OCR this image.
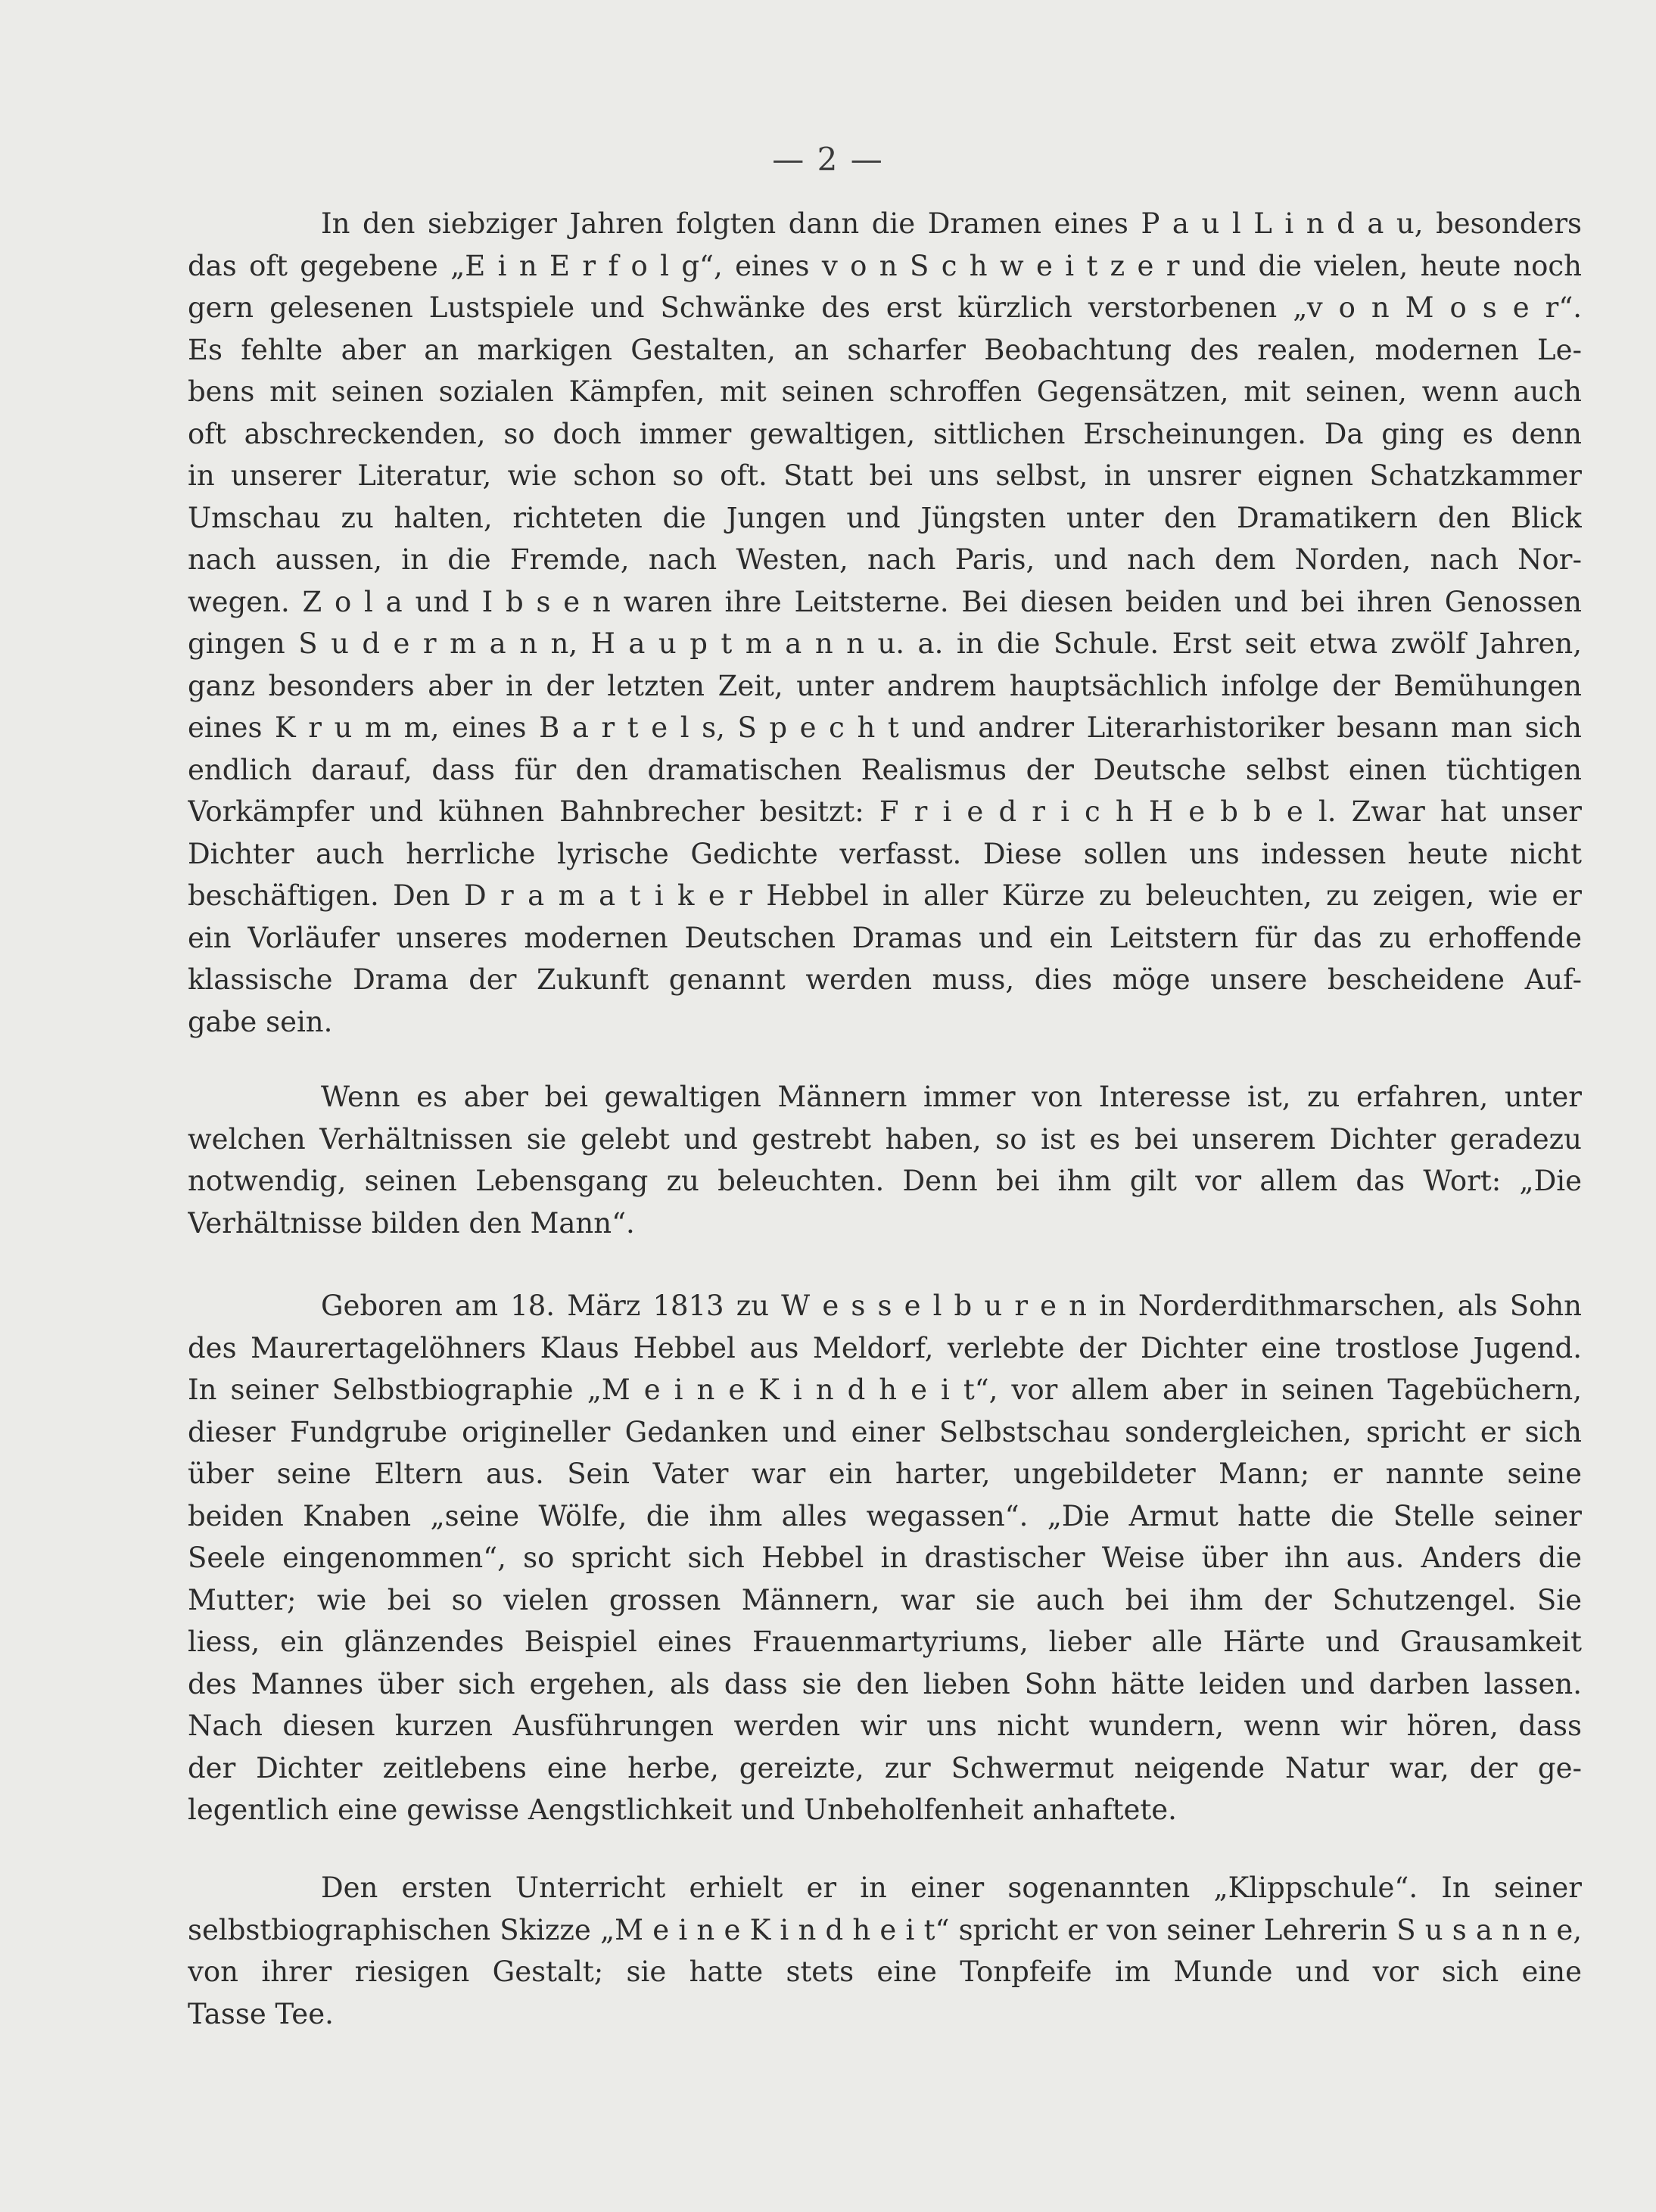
— 2 —
In den siebziger Jahren folgten dann die Dramen eines P a u l L i n d a u, besonders
das oft gegebene „E i n E r f o l g“, eines v o n S c h w e i t z e r und die vielen, heute noch
gern gelesenen Lustspiele und Schwänke des erst kürzlich verstorbenen „v o n M o s e r“.
Es fehlte aber an markigen Gestalten, an scharfer Beobachtung des realen, modernen Le-
bens mit seinen sozialen Kämpfen, mit seinen schroffen Gegensätzen, mit seinen, wenn auch
oft abschreckenden, so doch immer gewaltigen, sittlichen Erscheinungen. Da ging es denn
in unserer Literatur, wie schon so oft. Statt bei uns selbst, in unsrer eignen Schatzkammer
Umschau zu halten, richteten die Jungen und Jüngsten unter den Dramatikern den Blick
nach aussen, in die Fremde, nach Westen, nach Paris, und nach dem Norden, nach Nor-
wegen. Z o l a und I b s e n waren ihre Leitsterne. Bei diesen beiden und bei ihren Genossen
gingen S u d e r m a n n, H a u p t m a n n u. a. in die Schule. Erst seit etwa zwölf Jahren,
ganz besonders aber in der letzten Zeit, unter andrem hauptsächlich infolge der Bemühungen
eines K r u m m, eines B a r t e l s, S p e c h t und andrer Literarhistoriker besann man sich
endlich darauf, dass für den dramatischen Realismus der Deutsche selbst einen tüchtigen
Vorkämpfer und kühnen Bahnbrecher besitzt: F r i e d r i c h H e b b e l. Zwar hat unser
Dichter auch herrliche lyrische Gedichte verfasst. Diese sollen uns indessen heute nicht
beschäftigen. Den D r a m a t i k e r Hebbel in aller Kürze zu beleuchten, zu zeigen, wie er
ein Vorläufer unseres modernen Deutschen Dramas und ein Leitstern für das zu erhoffende
klassische Drama der Zukunft genannt werden muss, dies möge unsere bescheidene Auf-
gabe sein.
Wenn es aber bei gewaltigen Männern immer von Interesse ist, zu erfahren, unter
welchen Verhältnissen sie gelebt und gestrebt haben, so ist es bei unserem Dichter geradezu
notwendig, seinen Lebensgang zu beleuchten. Denn bei ihm gilt vor allem das Wort: „Die
Verhältnisse bilden den Mann“.
Geboren am 18. März 1813 zu W e s s e l b u r e n in Norderdithmarschen, als Sohn
des Maurertagelöhners Klaus Hebbel aus Meldorf, verlebte der Dichter eine trostlose Jugend.
In seiner Selbstbiographie „M e i n e K i n d h e i t“, vor allem aber in seinen Tagebüchern,
dieser Fundgrube origineller Gedanken und einer Selbstschau sondergleichen, spricht er sich
über seine Eltern aus. Sein Vater war ein harter, ungebildeter Mann; er nannte seine
beiden Knaben „seine Wölfe, die ihm alles wegassen“. „Die Armut hatte die Stelle seiner
Seele eingenommen“, so spricht sich Hebbel in drastischer Weise über ihn aus. Anders die
Mutter; wie bei so vielen grossen Männern, war sie auch bei ihm der Schutzengel. Sie
liess, ein glänzendes Beispiel eines Frauenmartyriums, lieber alle Härte und Grausamkeit
des Mannes über sich ergehen, als dass sie den lieben Sohn hätte leiden und darben lassen.
Nach diesen kurzen Ausführungen werden wir uns nicht wundern, wenn wir hören, dass
der Dichter zeitlebens eine herbe, gereizte, zur Schwermut neigende Natur war, der ge-
legentlich eine gewisse Aengstlichkeit und Unbeholfenheit anhaftete.
Den ersten Unterricht erhielt er in einer sogenannten „Klippschule“. In seiner
selbstbiographischen Skizze „M e i n e K i n d h e i t“ spricht er von seiner Lehrerin S u s a n n e,
von ihrer riesigen Gestalt; sie hatte stets eine Tonpfeife im Munde und vor sich eine
Tasse Tee.
